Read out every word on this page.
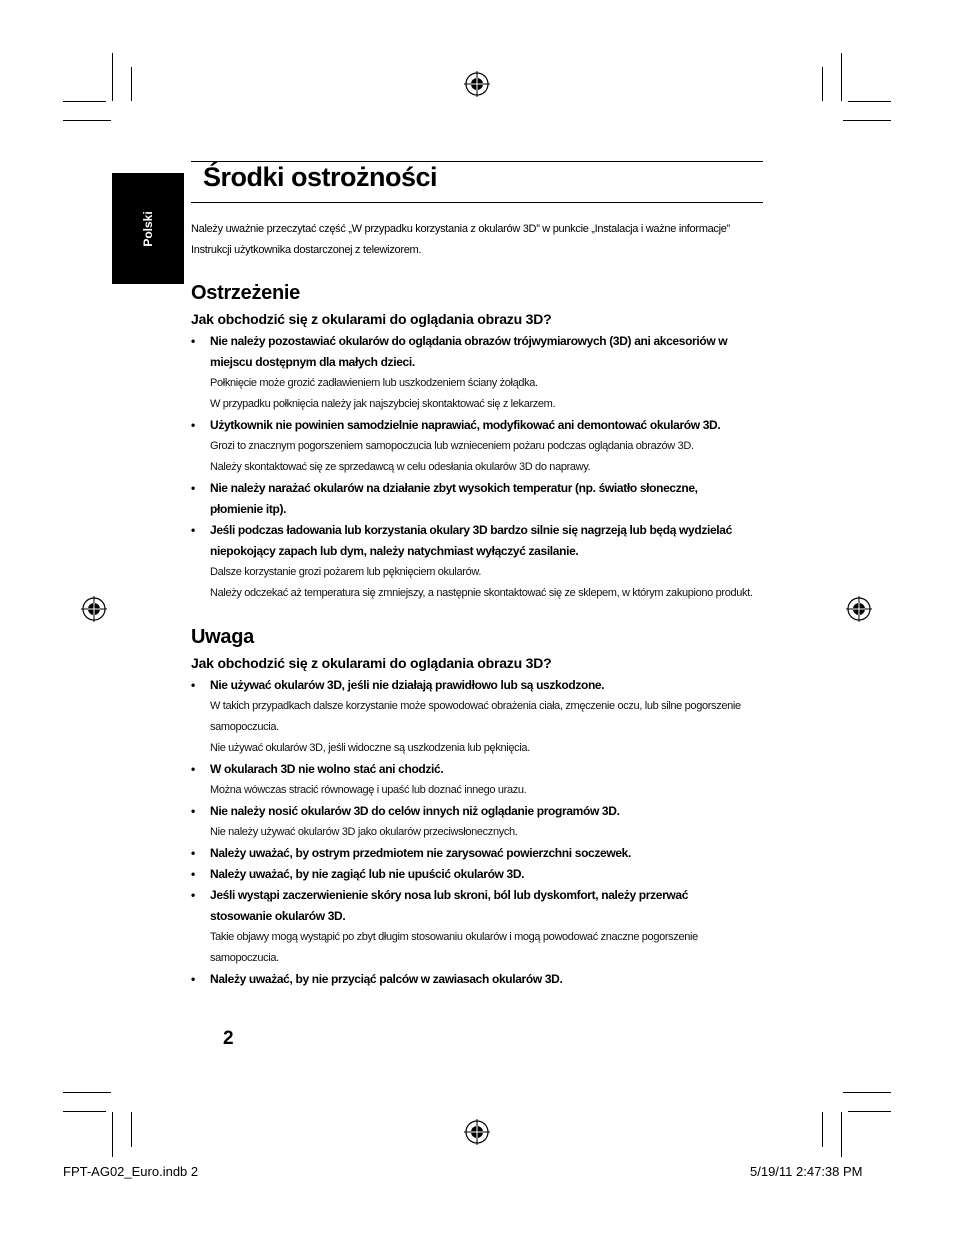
Polski
Środki ostrożności
Należy uważnie przeczytać część „W przypadku korzystania z okularów 3D” w punkcie „Instalacja i ważne informacje”
Instrukcji użytkownika dostarczonej z telewizorem.
Ostrzeżenie
Jak obchodzić się z okularami do oglądania obrazu 3D?
• Nie należy pozostawiać okularów do oglądania obrazów trójwymiarowych (3D) ani akcesoriów w
miejscu dostępnym dla małych dzieci.
Połknięcie może grozić zadławieniem lub uszkodzeniem ściany żołądka.
W przypadku połknięcia należy jak najszybciej skontaktować się z lekarzem.
• Użytkownik nie powinien samodzielnie naprawiać, modyfikować ani demontować okularów 3D.
Grozi to znacznym pogorszeniem samopoczucia lub wznieceniem pożaru podczas oglądania obrazów 3D.
Należy skontaktować się ze sprzedawcą w celu odesłania okularów 3D do naprawy.
• Nie należy narażać okularów na działanie zbyt wysokich temperatur (np. światło słoneczne,
płomienie itp).
• Jeśli podczas ładowania lub korzystania okulary 3D bardzo silnie się nagrzeją lub będą wydzielać
niepokojący zapach lub dym, należy natychmiast wyłączyć zasilanie.
Dalsze korzystanie grozi pożarem lub pęknięciem okularów.
Należy odczekać aż temperatura się zmniejszy, a następnie skontaktować się ze sklepem, w którym zakupiono produkt.
Uwaga
Jak obchodzić się z okularami do oglądania obrazu 3D?
• Nie używać okularów 3D, jeśli nie działają prawidłowo lub są uszkodzone.
W takich przypadkach dalsze korzystanie może spowodować obrażenia ciała, zmęczenie oczu, lub silne pogorszenie
samopoczucia.
Nie używać okularów 3D, jeśli widoczne są uszkodzenia lub pęknięcia.
• W okularach 3D nie wolno stać ani chodzić.
Można wówczas stracić równowagę i upaść lub doznać innego urazu.
• Nie należy nosić okularów 3D do celów innych niż oglądanie programów 3D.
Nie należy używać okularów 3D jako okularów przeciwsłonecznych.
• Należy uważać, by ostrym przedmiotem nie zarysować powierzchni soczewek.
• Należy uważać, by nie zagiąć lub nie upuścić okularów 3D.
• Jeśli wystąpi zaczerwienienie skóry nosa lub skroni, ból lub dyskomfort, należy przerwać
stosowanie okularów 3D.
Takie objawy mogą wystąpić po zbyt długim stosowaniu okularów i mogą powodować znaczne pogorszenie
samopoczucia.
• Należy uważać, by nie przyciąć palców w zawiasach okularów 3D.
2
FPT-AG02_Euro.indb 2	5/19/11 2:47:38 PM
